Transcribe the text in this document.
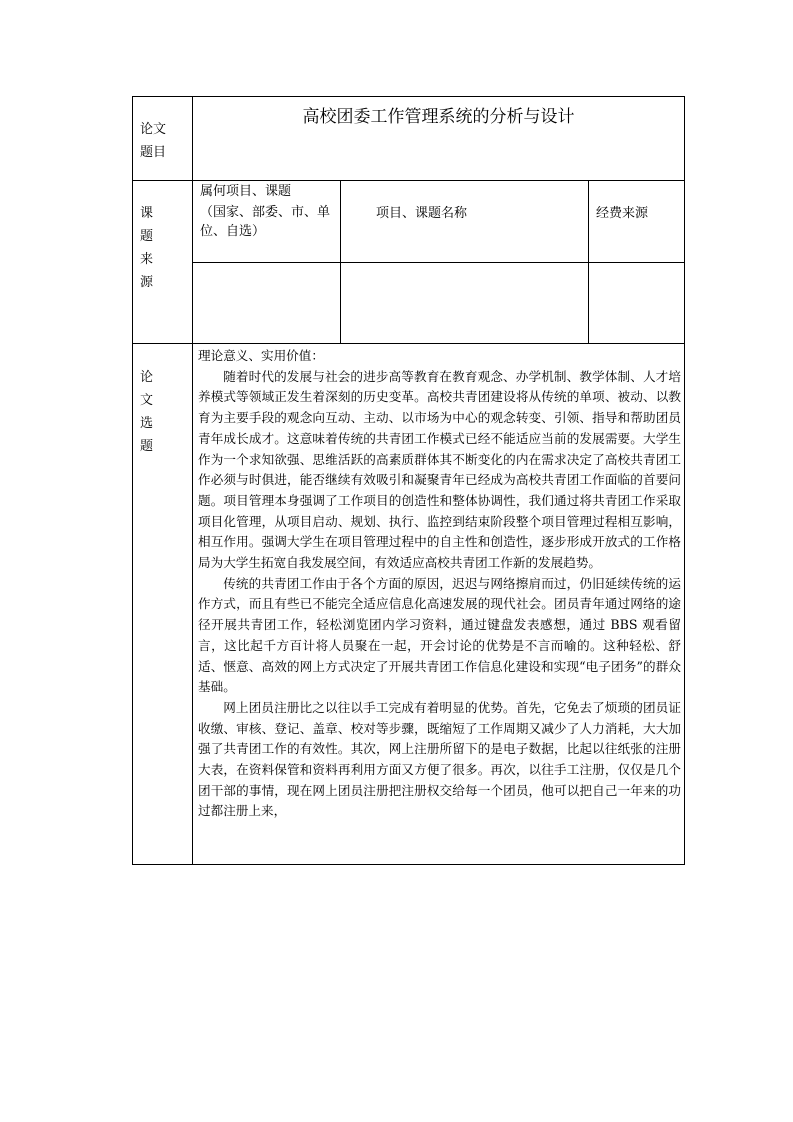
论文
题目
高校团委工作管理系统的分析与设计
课
题
来
源
属何项目、课题
（国家、部委、市、单
位、自选）
项目、课题名称	经费来源
论
文
选
题

理论意义、实用价值：

随着时代的发展与社会的进步高等教育在教育观念、办学机制、教学体制、人才培养模式等领域正发生着深刻的历史变革。高校共青团建设将从传统的单项、被动、以教育为主要手段的观念向互动、主动、以市场为中心的观念转变、引领、指导和帮助团员青年成长成才。这意味着传统的共青团工作模式已经不能适应当前的发展需要。大学生作为一个求知欲强、思维活跃的高素质群体其不断变化的内在需求决定了高校共青团工作必须与时俱进，能否继续有效吸引和凝聚青年已经成为高校共青团工作面临的首要问题。项目管理本身强调了工作项目的创造性和整体协调性，我们通过将共青团工作采取项目化管理，从项目启动、规划、执行、监控到结束阶段整个项目管理过程相互影响，相互作用。强调大学生在项目管理过程中的自主性和创造性，逐步形成开放式的工作格局为大学生拓宽自我发展空间，有效适应高校共青团工作新的发展趋势。

传统的共青团工作由于各个方面的原因，迟迟与网络擦肩而过，仍旧延续传统的运作方式，而且有些已不能完全适应信息化高速发展的现代社会。团员青年通过网络的途径开展共青团工作，轻松浏览团内学习资料，通过键盘发表感想，通过 BBS 观看留言，这比起千方百计将人员聚在一起，开会讨论的优势是不言而喻的。这种轻松、舒适、惬意、高效的网上方式决定了开展共青团工作信息化建设和实现“电子团务”的群众基础。

网上团员注册比之以往以手工完成有着明显的优势。首先，它免去了烦琐的团员证收缴、审核、登记、盖章、校对等步骤，既缩短了工作周期又减少了人力消耗，大大加强了共青团工作的有效性。其次，网上注册所留下的是电子数据，比起以往纸张的注册大表，在资料保管和资料再利用方面又方便了很多。再次，以往手工注册，仅仅是几个团干部的事情，现在网上团员注册把注册权交给每一个团员，他可以把自己一年来的功过都注册上来，
